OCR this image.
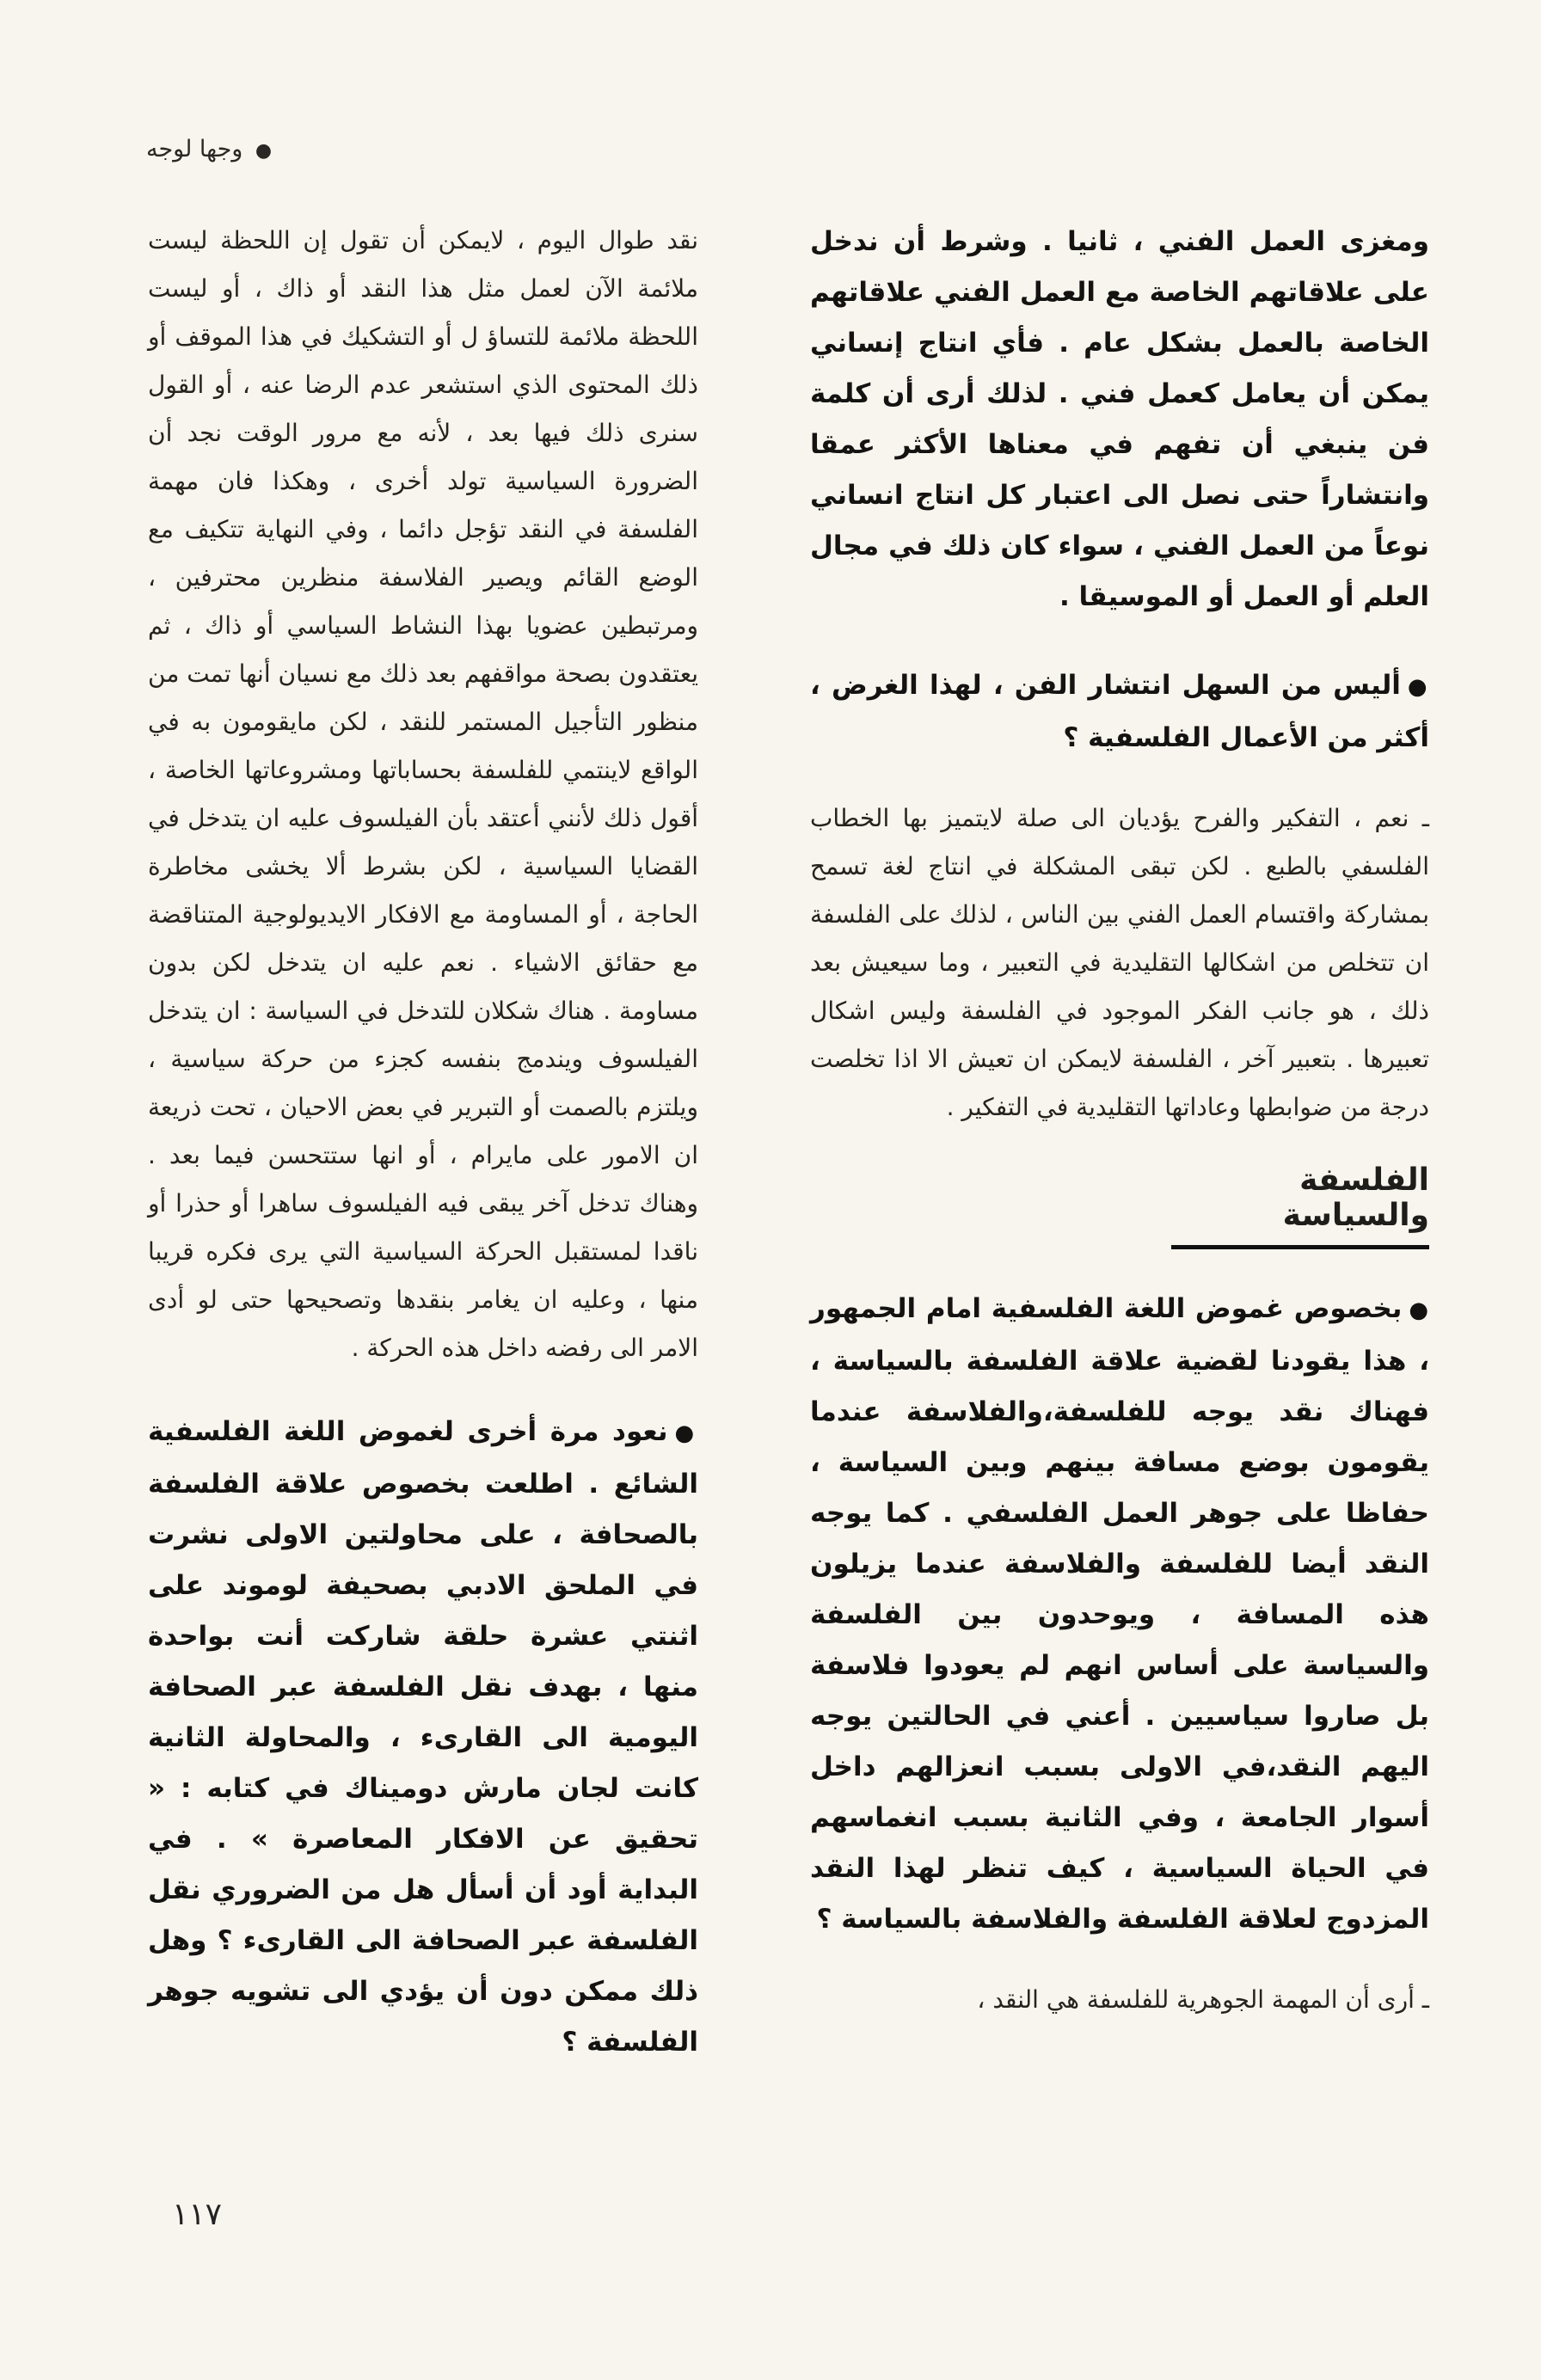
● وجها لوجه

ومغزى العمل الفني ، ثانيا . وشرط أن ندخل على علاقاتهم الخاصة مع العمل الفني علاقاتهم الخاصة بالعمل بشكل عام . فأي انتاج إنساني يمكن أن يعامل كعمل فني . لذلك أرى أن كلمة فن ينبغي أن تفهم في معناها الأكثر عمقا وانتشاراً حتى نصل الى اعتبار كل انتاج انساني نوعاً من العمل الفني ، سواء كان ذلك في مجال العلم أو العمل أو الموسيقا .

●أليس من السهل انتشار الفن ، لهذا الغرض ، أكثر من الأعمال الفلسفية ؟

ـ نعم ، التفكير والفرح يؤديان الى صلة لايتميز بها الخطاب الفلسفي بالطبع . لكن تبقى المشكلة في انتاج لغة تسمح بمشاركة واقتسام العمل الفني بين الناس ، لذلك على الفلسفة ان تتخلص من اشكالها التقليدية في التعبير ، وما سيعيش بعد ذلك ، هو جانب الفكر الموجود في الفلسفة وليس اشكال تعبيرها . بتعبير آخر ، الفلسفة لايمكن ان تعيش الا اذا تخلصت درجة من ضوابطها وعاداتها التقليدية في التفكير .

الفلسفة والسياسة

●بخصوص غموض اللغة الفلسفية امام الجمهور ، هذا يقودنا لقضية علاقة الفلسفة بالسياسة ، فهناك نقد يوجه للفلسفة،والفلاسفة عندما يقومون بوضع مسافة بينهم وبين السياسة ، حفاظا على جوهر العمل الفلسفي . كما يوجه النقد أيضا للفلسفة والفلاسفة عندما يزيلون هذه المسافة ، ويوحدون بين الفلسفة والسياسة على أساس انهم لم يعودوا فلاسفة بل صاروا سياسيين . أعني في الحالتين يوجه اليهم النقد،في الاولى بسبب انعزالهم داخل أسوار الجامعة ، وفي الثانية بسبب انغماسهم في الحياة السياسية ، كيف تنظر لهذا النقد المزدوج لعلاقة الفلسفة والفلاسفة بالسياسة ؟

ـ أرى أن المهمة الجوهرية للفلسفة هي النقد ،

نقد طوال اليوم ، لايمكن أن تقول إن اللحظة ليست ملائمة الآن لعمل مثل هذا النقد أو ذاك ، أو ليست اللحظة ملائمة للتساؤ ل أو التشكيك في هذا الموقف أو ذلك المحتوى الذي استشعر عدم الرضا عنه ، أو القول سنرى ذلك فيها بعد ، لأنه مع مرور الوقت نجد أن الضرورة السياسية تولد أخرى ، وهكذا فان مهمة الفلسفة في النقد تؤجل دائما ، وفي النهاية تتكيف مع الوضع القائم ويصير الفلاسفة منظرين محترفين ، ومرتبطين عضويا بهذا النشاط السياسي أو ذاك ، ثم يعتقدون بصحة مواقفهم بعد ذلك مع نسيان أنها تمت من منظور التأجيل المستمر للنقد ، لكن مايقومون به في الواقع لاينتمي للفلسفة بحساباتها ومشروعاتها الخاصة ، أقول ذلك لأنني أعتقد بأن الفيلسوف عليه ان يتدخل في القضايا السياسية ، لكن بشرط ألا يخشى مخاطرة الحاجة ، أو المساومة مع الافكار الايديولوجية المتناقضة مع حقائق الاشياء . نعم عليه ان يتدخل لكن بدون مساومة . هناك شكلان للتدخل في السياسة : ان يتدخل الفيلسوف ويندمج بنفسه كجزء من حركة سياسية ، ويلتزم بالصمت أو التبرير في بعض الاحيان ، تحت ذريعة ان الامور على مايرام ، أو انها ستتحسن فيما بعد . وهناك تدخل آخر يبقى فيه الفيلسوف ساهرا أو حذرا أو ناقدا لمستقبل الحركة السياسية التي يرى فكره قريبا منها ، وعليه ان يغامر بنقدها وتصحيحها حتى لو أدى الامر الى رفضه داخل هذه الحركة .

●نعود مرة أخرى لغموض اللغة الفلسفية الشائع . اطلعت بخصوص علاقة الفلسفة بالصحافة ، على محاولتين الاولى نشرت في الملحق الادبي بصحيفة لوموند على اثنتي عشرة حلقة شاركت أنت بواحدة منها ، بهدف نقل الفلسفة عبر الصحافة اليومية الى القارىء ، والمحاولة الثانية كانت لجان مارش دوميناك في كتابه : « تحقيق عن الافكار المعاصرة » . في البداية أود أن أسأل هل من الضروري نقل الفلسفة عبر الصحافة الى القارىء ؟ وهل ذلك ممكن دون أن يؤدي الى تشويه جوهر الفلسفة ؟

١١٧
